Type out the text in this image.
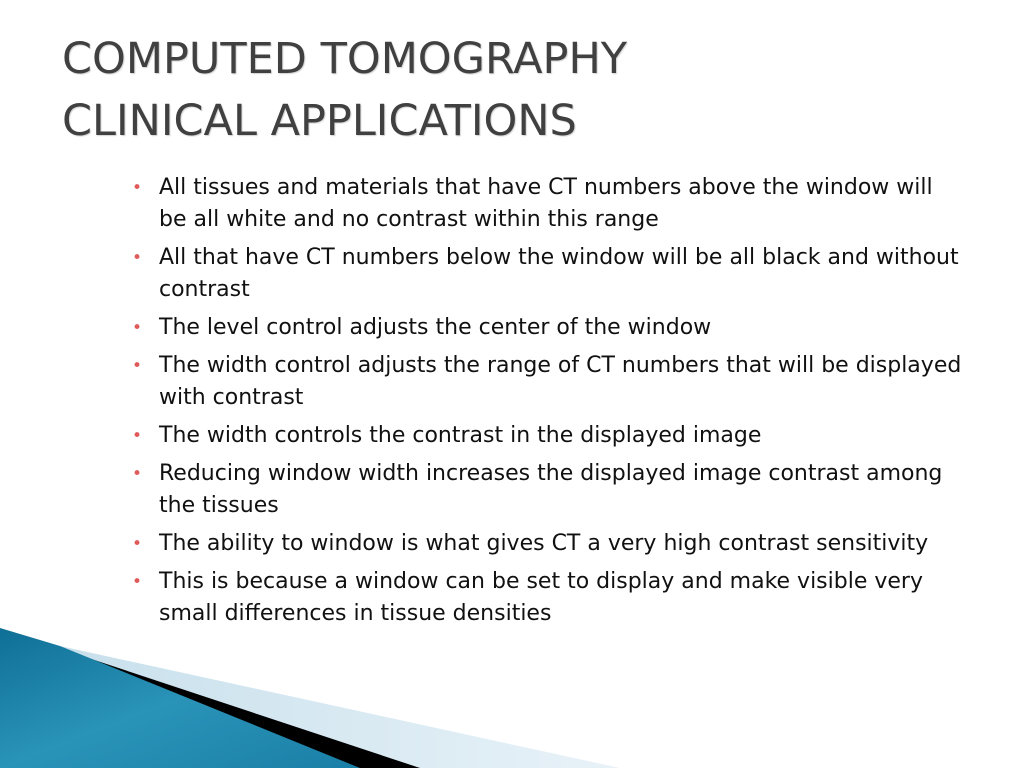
COMPUTED TOMOGRAPHY
CLINICAL APPLICATIONS
• All tissues and materials that have CT numbers above the window will be all white and no contrast within this range
• All that have CT numbers below the window will be all black and without contrast
• The level control adjusts the center of the window
• The width control adjusts the range of CT numbers that will be displayed with contrast
• The width controls the contrast in the displayed image
• Reducing window width increases the displayed image contrast among the tissues
• The ability to window is what gives CT a very high contrast sensitivity
• This is because a window can be set to display and make visible very small differences in tissue densities
